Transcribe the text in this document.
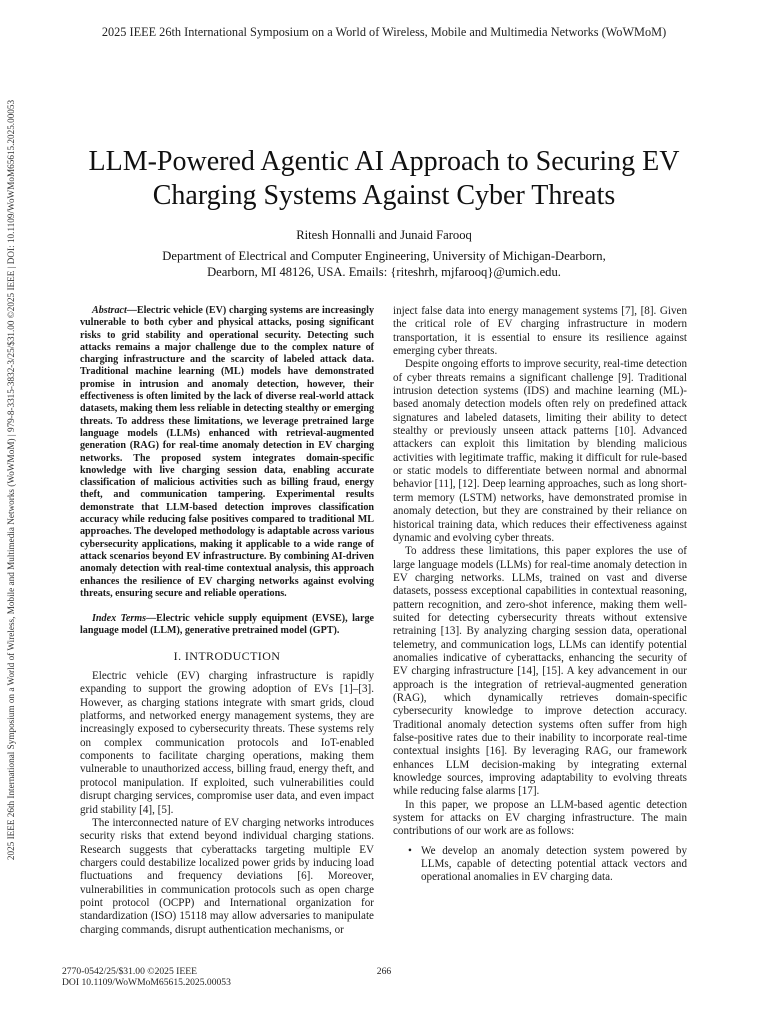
2025 IEEE 26th International Symposium on a World of Wireless, Mobile and Multimedia Networks (WoWMoM)
2025 IEEE 26th International Symposium on a World of Wireless, Mobile and Multimedia Networks (WoWMoM) | 979-8-3315-3832-3/25/$31.00 ©2025 IEEE | DOI: 10.1109/WoWMoM65615.2025.00053	LLM-Powered Agentic AI Approach to Securing EV
Charging Systems Against Cyber Threats
Ritesh Honnalli and Junaid Farooq
Department of Electrical and Computer Engineering, University of Michigan-Dearborn,
Dearborn, MI 48126, USA. Emails: {riteshrh, mjfarooq}@umich.edu.

Abstract—Electric vehicle (EV) charging systems are increasingly vulnerable to both cyber and physical attacks, posing significant risks to grid stability and operational security. Detecting such attacks remains a major challenge due to the complex nature of charging infrastructure and the scarcity of labeled attack data. Traditional machine learning (ML) models have demonstrated promise in intrusion and anomaly detection, however, their effectiveness is often limited by the lack of diverse real-world attack datasets, making them less reliable in detecting stealthy or emerging threats. To address these limitations, we leverage pretrained large language models (LLMs) enhanced with retrieval-augmented generation (RAG) for real-time anomaly detection in EV charging networks. The proposed system integrates domain-specific knowledge with live charging session data, enabling accurate classification of malicious activities such as billing fraud, energy theft, and communication tampering. Experimental results demonstrate that LLM-based detection improves classification accuracy while reducing false positives compared to traditional ML approaches. The developed methodology is adaptable across various cybersecurity applications, making it applicable to a wide range of attack scenarios beyond EV infrastructure. By combining AI-driven anomaly detection with real-time contextual analysis, this approach enhances the resilience of EV charging networks against evolving threats, ensuring secure and reliable operations.

Index Terms—Electric vehicle supply equipment (EVSE), large language model (LLM), generative pretrained model (GPT).

I. INTRODUCTION

Electric vehicle (EV) charging infrastructure is rapidly expanding to support the growing adoption of EVs [1]–[3]. However, as charging stations integrate with smart grids, cloud platforms, and networked energy management systems, they are increasingly exposed to cybersecurity threats. These systems rely on complex communication protocols and IoT-enabled components to facilitate charging operations, making them vulnerable to unauthorized access, billing fraud, energy theft, and protocol manipulation. If exploited, such vulnerabilities could disrupt charging services, compromise user data, and even impact grid stability [4], [5].

The interconnected nature of EV charging networks introduces security risks that extend beyond individual charging stations. Research suggests that cyberattacks targeting multiple EV chargers could destabilize localized power grids by inducing load fluctuations and frequency deviations [6]. Moreover, vulnerabilities in communication protocols such as open charge point protocol (OCPP) and International organization for standardization (ISO) 15118 may allow adversaries to manipulate charging commands, disrupt authentication mechanisms, or

inject false data into energy management systems [7], [8]. Given the critical role of EV charging infrastructure in modern transportation, it is essential to ensure its resilience against emerging cyber threats.

Despite ongoing efforts to improve security, real-time detection of cyber threats remains a significant challenge [9]. Traditional intrusion detection systems (IDS) and machine learning (ML)-based anomaly detection models often rely on predefined attack signatures and labeled datasets, limiting their ability to detect stealthy or previously unseen attack patterns [10]. Advanced attackers can exploit this limitation by blending malicious activities with legitimate traffic, making it difficult for rule-based or static models to differentiate between normal and abnormal behavior [11], [12]. Deep learning approaches, such as long short-term memory (LSTM) networks, have demonstrated promise in anomaly detection, but they are constrained by their reliance on historical training data, which reduces their effectiveness against dynamic and evolving cyber threats.

To address these limitations, this paper explores the use of large language models (LLMs) for real-time anomaly detection in EV charging networks. LLMs, trained on vast and diverse datasets, possess exceptional capabilities in contextual reasoning, pattern recognition, and zero-shot inference, making them well-suited for detecting cybersecurity threats without extensive retraining [13]. By analyzing charging session data, operational telemetry, and communication logs, LLMs can identify potential anomalies indicative of cyberattacks, enhancing the security of EV charging infrastructure [14], [15]. A key advancement in our approach is the integration of retrieval-augmented generation (RAG), which dynamically retrieves domain-specific cybersecurity knowledge to improve detection accuracy. Traditional anomaly detection systems often suffer from high false-positive rates due to their inability to incorporate real-time contextual insights [16]. By leveraging RAG, our framework enhances LLM decision-making by integrating external knowledge sources, improving adaptability to evolving threats while reducing false alarms [17].

In this paper, we propose an LLM-based agentic detection system for attacks on EV charging infrastructure. The main contributions of our work are as follows:

• We develop an anomaly detection system powered by LLMs, capable of detecting potential attack vectors and operational anomalies in EV charging data.

2770-0542/25/$31.00 ©2025 IEEE
DOI 10.1109/WoWMoM65615.2025.00053
266
